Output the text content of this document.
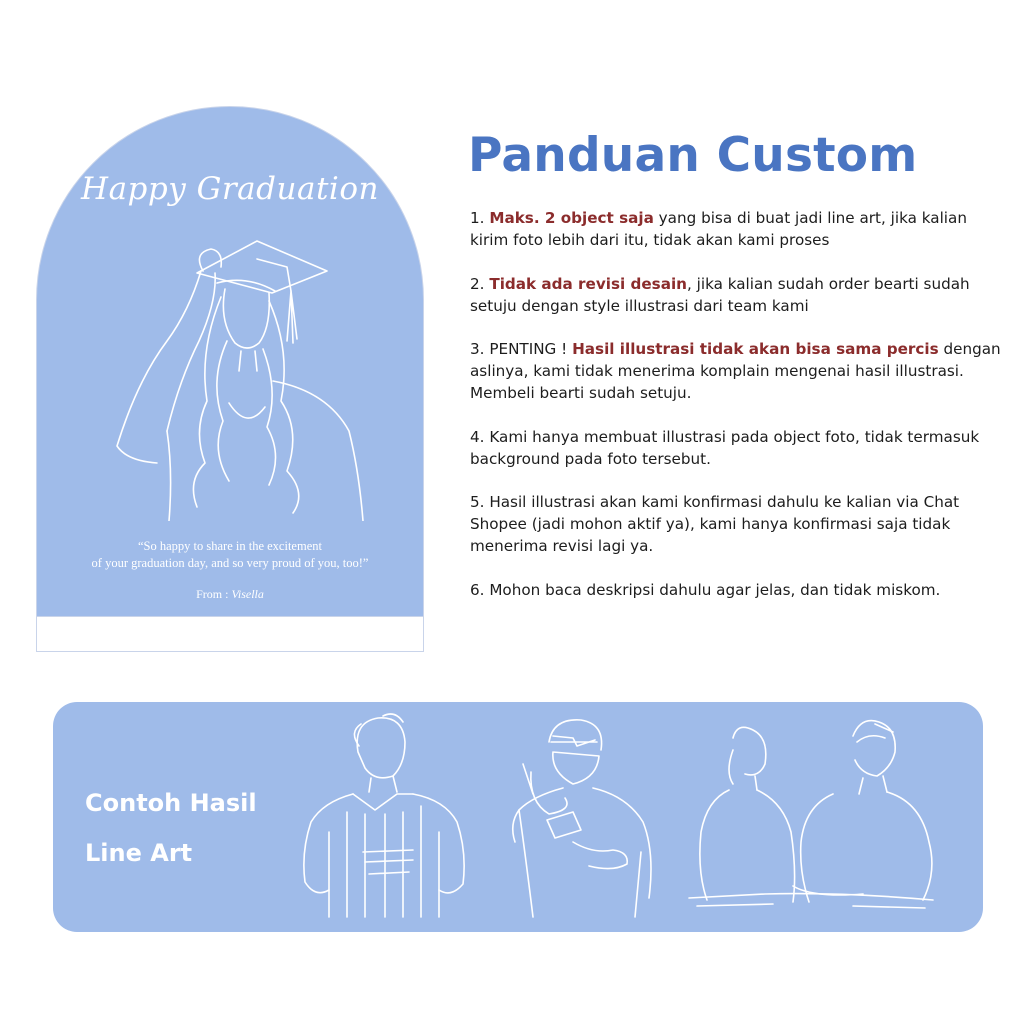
Happy Graduation
“So happy to share in the excitement
of your graduation day, and so very proud of you, too!”
From : Visella
Panduan Custom
1. Maks. 2 object saja yang bisa di buat jadi line art, jika kalian kirim foto lebih dari itu, tidak akan kami proses
2. Tidak ada revisi desain, jika kalian sudah order bearti sudah setuju dengan style illustrasi dari team kami
3. PENTING ! Hasil illustrasi tidak akan bisa sama percis dengan aslinya, kami tidak menerima komplain mengenai hasil illustrasi. Membeli bearti sudah setuju.
4. Kami hanya membuat illustrasi pada object foto, tidak termasuk background pada foto tersebut.
5. Hasil illustrasi akan kami konfirmasi dahulu ke kalian via Chat Shopee (jadi mohon aktif ya), kami hanya konfirmasi saja tidak menerima revisi lagi ya.
6. Mohon baca deskripsi dahulu agar jelas, dan tidak miskom.
Contoh Hasil
Line Art
